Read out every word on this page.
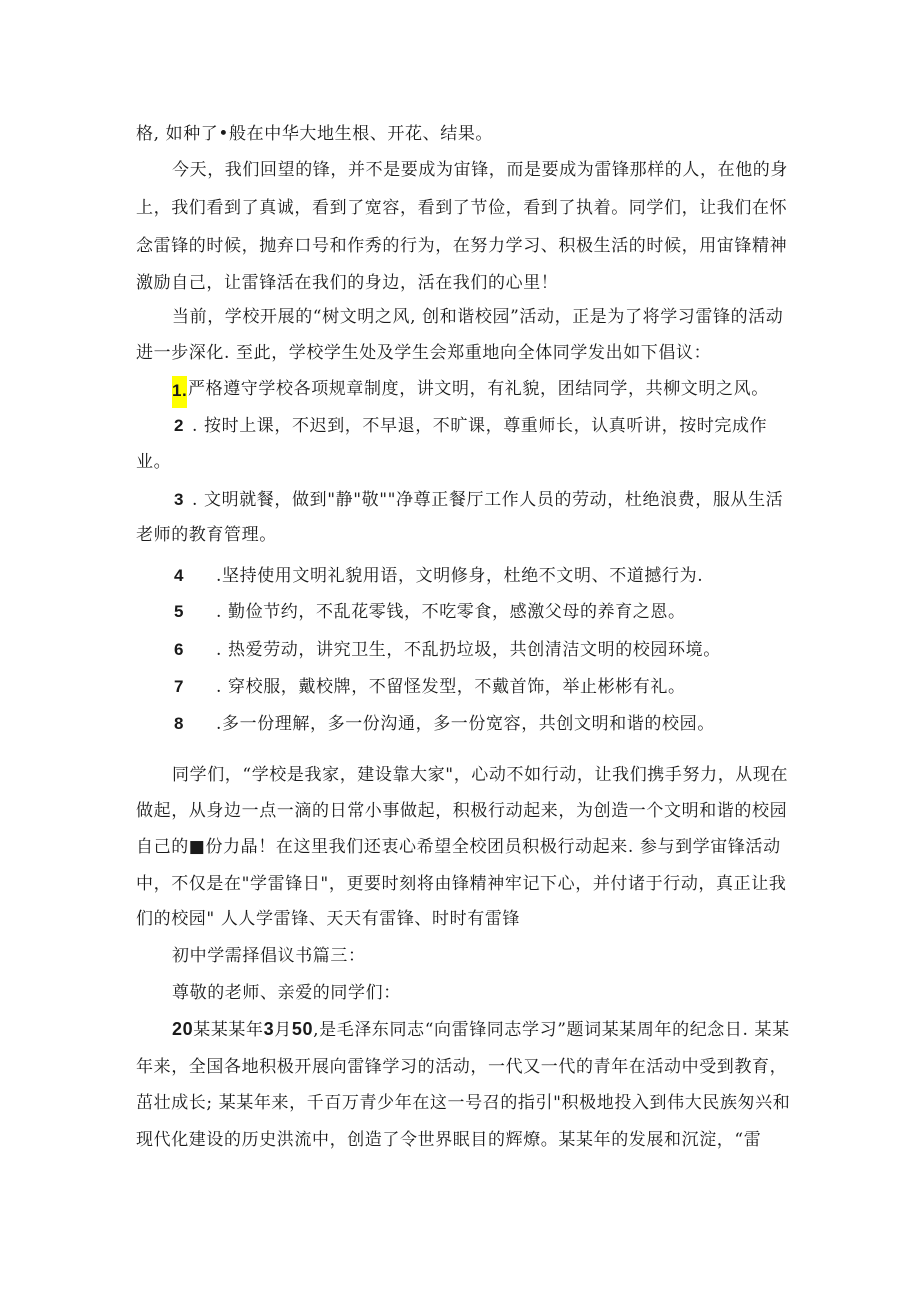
格, 如种了•般在中华大地生根、开花、结果。
今天，我们回望的锋，并不是要成为宙锋，而是要成为雷锋那样的人，在他的身
上，我们看到了真诚，看到了宽容，看到了节俭，看到了执着。同学们，让我们在怀
念雷锋的时候，抛弃口号和作秀的行为，在努力学习、积极生活的时候，用宙锋精神
激励自己，让雷锋活在我们的身边，活在我们的心里！
当前，学校开展的“树文明之风, 创和谐校园”活动，正是为了将学习雷锋的活动
进一步深化. 至此，学校学生处及学生会郑重地向全体同学发出如下倡议：
1. 严格遵守学校各项规章制度，讲文明，有礼貌，团结同学，共柳文明之风。
2 . 按时上课，不迟到，不早退，不旷课，尊重师长，认真听讲，按时完成作
业。
3 . 文明就餐，做到"静"敬""净尊正餐厅工作人员的劳动，杜绝浪费，服从生活
老师的教育管理。
4 .坚持使用文明礼貌用语，文明修身，杜绝不文明、不道撼行为.
5 . 勤俭节约，不乱花零钱，不吃零食，感激父母的养育之恩。
6 . 热爱劳动，讲究卫生，不乱扔垃圾，共创清洁文明的校园环境。
7 . 穿校服，戴校牌，不留怪发型，不戴首饰，举止彬彬有礼。
8 .多一份理解，多一份沟通，多一份宽容，共创文明和谐的校园。
同学们，“学校是我家，建设靠大家"，心动不如行动，让我们携手努力，从现在
做起，从身边一点一滴的日常小事做起，积极行动起来，为创造一个文明和谐的校园
自己的■份力晶！在这里我们还衷心希望全校团员积极行动起来. 参与到学宙锋活动
中，不仅是在"学雷锋日"，更要时刻将由锋精神牢记下心，并付诸于行动，真正让我
们的校园" 人人学雷锋、天天有雷锋、时时有雷锋
初中学需择倡议书篇三：
尊敬的老师、亲爱的同学们：
20某某某年3月50,是毛泽东同志“向雷锋同志学习”题词某某周年的纪念日. 某某
年来，全国各地积极开展向雷锋学习的活动，一代又一代的青年在活动中受到教育，
茁壮成长; 某某年来，千百万青少年在这一号召的指引"积极地投入到伟大民族匆兴和
现代化建设的历史洪流中，创造了令世界眠目的辉燎。某某年的发展和沉淀，“雷
